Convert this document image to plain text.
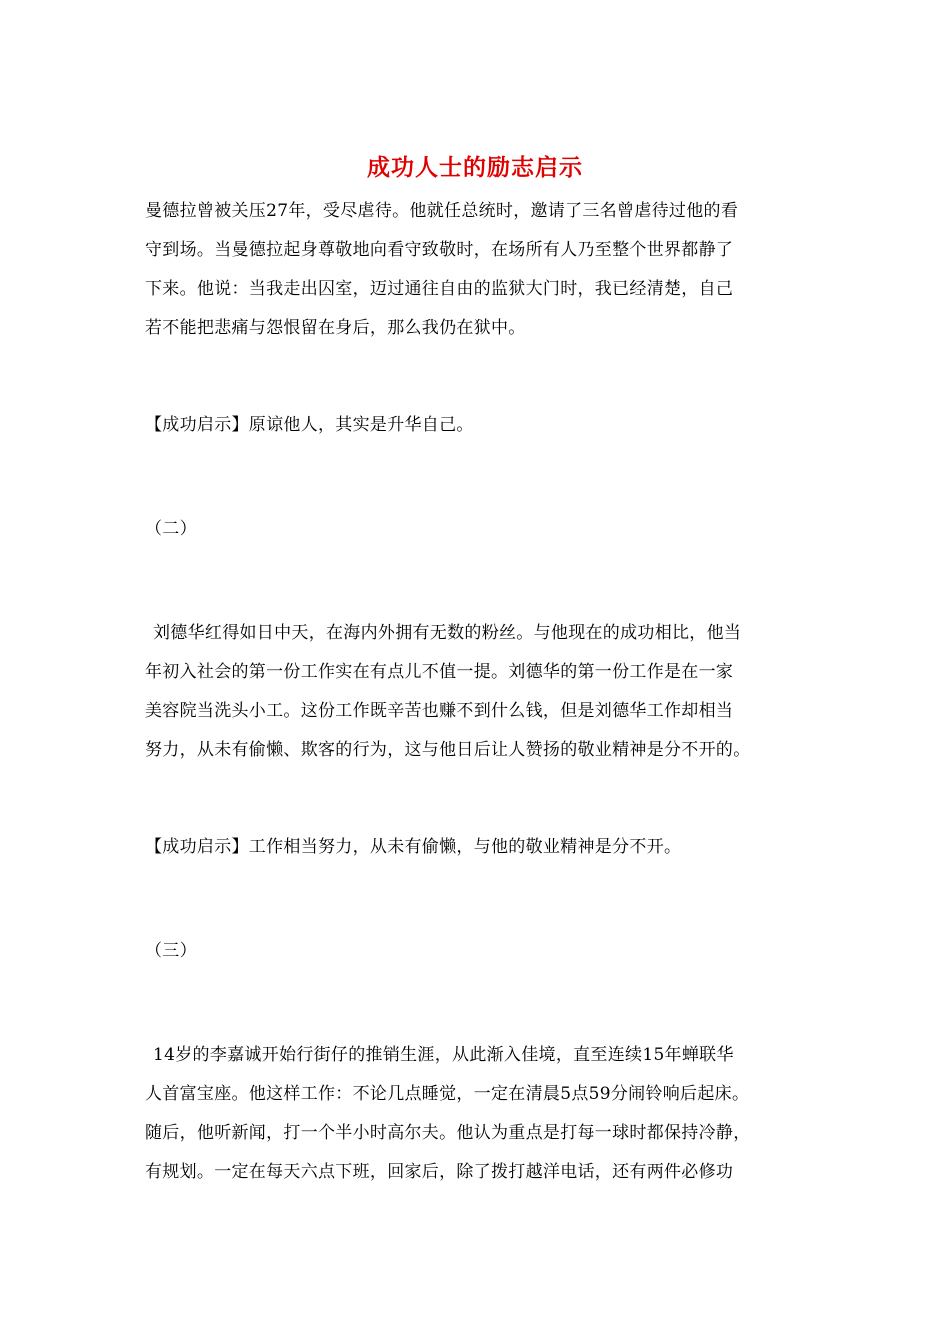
成功人士的励志启示
曼德拉曾被关压27年，受尽虐待。他就任总统时，邀请了三名曾虐待过他的看
守到场。当曼德拉起身尊敬地向看守致敬时，在场所有人乃至整个世界都静了
下来。他说：当我走出囚室，迈过通往自由的监狱大门时，我已经清楚，自己
若不能把悲痛与怨恨留在身后，那么我仍在狱中。
【成功启示】原谅他人，其实是升华自己。
（二）
刘德华红得如日中天，在海内外拥有无数的粉丝。与他现在的成功相比，他当
年初入社会的第一份工作实在有点儿不值一提。刘德华的第一份工作是在一家
美容院当洗头小工。这份工作既辛苦也赚不到什么钱，但是刘德华工作却相当
努力，从未有偷懒、欺客的行为，这与他日后让人赞扬的敬业精神是分不开的。
【成功启示】工作相当努力，从未有偷懒，与他的敬业精神是分不开。
（三）
14岁的李嘉诚开始行街仔的推销生涯，从此渐入佳境，直至连续15年蝉联华
人首富宝座。他这样工作：不论几点睡觉，一定在清晨5点59分闹铃响后起床。
随后，他听新闻，打一个半小时高尔夫。他认为重点是打每一球时都保持冷静，
有规划。一定在每天六点下班，回家后，除了拨打越洋电话，还有两件必修功
